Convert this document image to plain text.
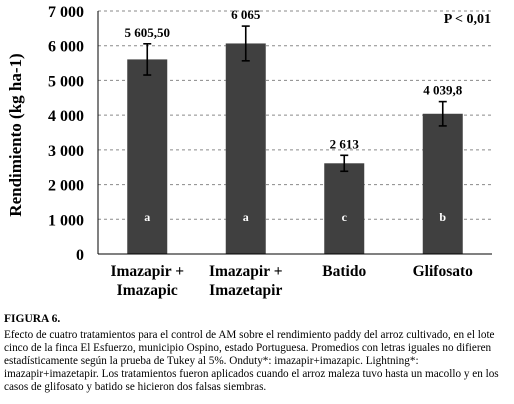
5 605,50
a
6 065
a
2 613
c
4 039,8
b
0
1 000
2 000
3 000
4 000
5 000
6 000
7 000
Imazapir +
Imazapic
Imazapir +
Imazetapir
Batido	Glifosato
Rendimiento (kg ha-1)
P < 0,01

FIGURA 6.

Efecto de cuatro tratamientos para el control de AM sobre el rendimiento paddy del arroz cultivado, en el lote cinco de la finca El Esfuerzo, municipio Ospino, estado Portuguesa. Promedios con letras iguales no difieren estadísticamente según la prueba de Tukey al 5%. Onduty*: imazapir+imazapic. Lightning*: imazapir+imazetapir. Los tratamientos fueron aplicados cuando el arroz maleza tuvo hasta un macollo y en los casos de glifosato y batido se hicieron dos falsas siembras.
